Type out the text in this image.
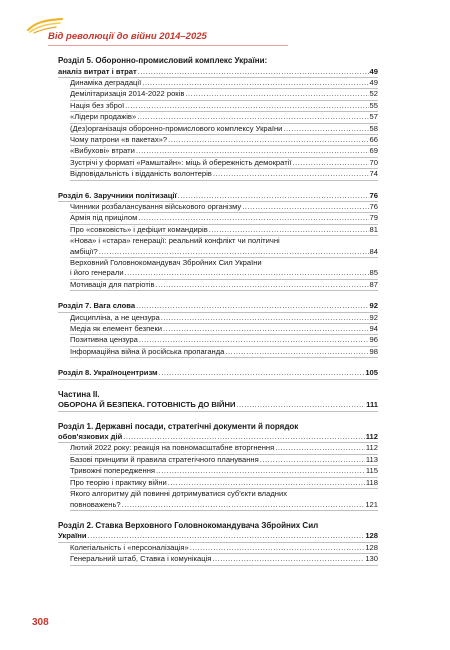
Від революції до війни 2014–2025
Розділ 5. Оборонно-промисловий комплекс України:
аналіз витрат і втрат .....	49
Динаміка деградації .....	49
Демілітаризація 2014-2022 років .....	52
Нація без зброї .....	55
«Лідери продажів» .....	57
(Дез)організація оборонно-промислового комплексу України .....	58
Чому патрони «в пакетах»? .....	66
«Вибухові» втрати .....	69
Зустрічі у форматі «Рамштайн»: міць й обережність демократії .....	70
Відповідальність і відданість волонтерів .....	74
Розділ 6. Заручники політизації .....	76
Чинники розбалансування військового організму .....	76
Армія під прицілом .....	79
Про «совковість» і дефіцит командирів .....	81
«Нова» і «стара» генерації: реальний конфлікт чи політичні
амбіції? .....	84
Верховний Головнокомандувач Збройних Сил України
і його генерали .....	85
Мотивація для патріотів .....	87
Розділ 7. Вага слова .....	92
Дисципліна, а не цензура .....	92
Медіа як елемент безпеки .....	94
Позитивна цензура .....	96
Інформаційна війна й російська пропаганда .....	98
Розділ 8. Україноцентризм .....	105
Частина II.
ОБОРОНА Й БЕЗПЕКА. ГОТОВНІСТЬ ДО ВІЙНИ .....	111
Розділ 1. Державні посади, стратегічні документи й порядок
обов'язкових дій .....	112
Лютий 2022 року: реакція на повномасштабне вторгнення .....	112
Базові принципи й правила стратегічного планування .....	113
Тривожні попередження .....	115
Про теорію і практику війни .....	118
Якого алгоритму дій повинні дотримуватися суб'єкти владних
повноважень? .....	121
Розділ 2. Ставка Верховного Головнокомандувача Збройних Сил
України .....	128
Колегіальність і «персоналізація» .....	128
Генеральний штаб, Ставка і комунікація .....	130
308
